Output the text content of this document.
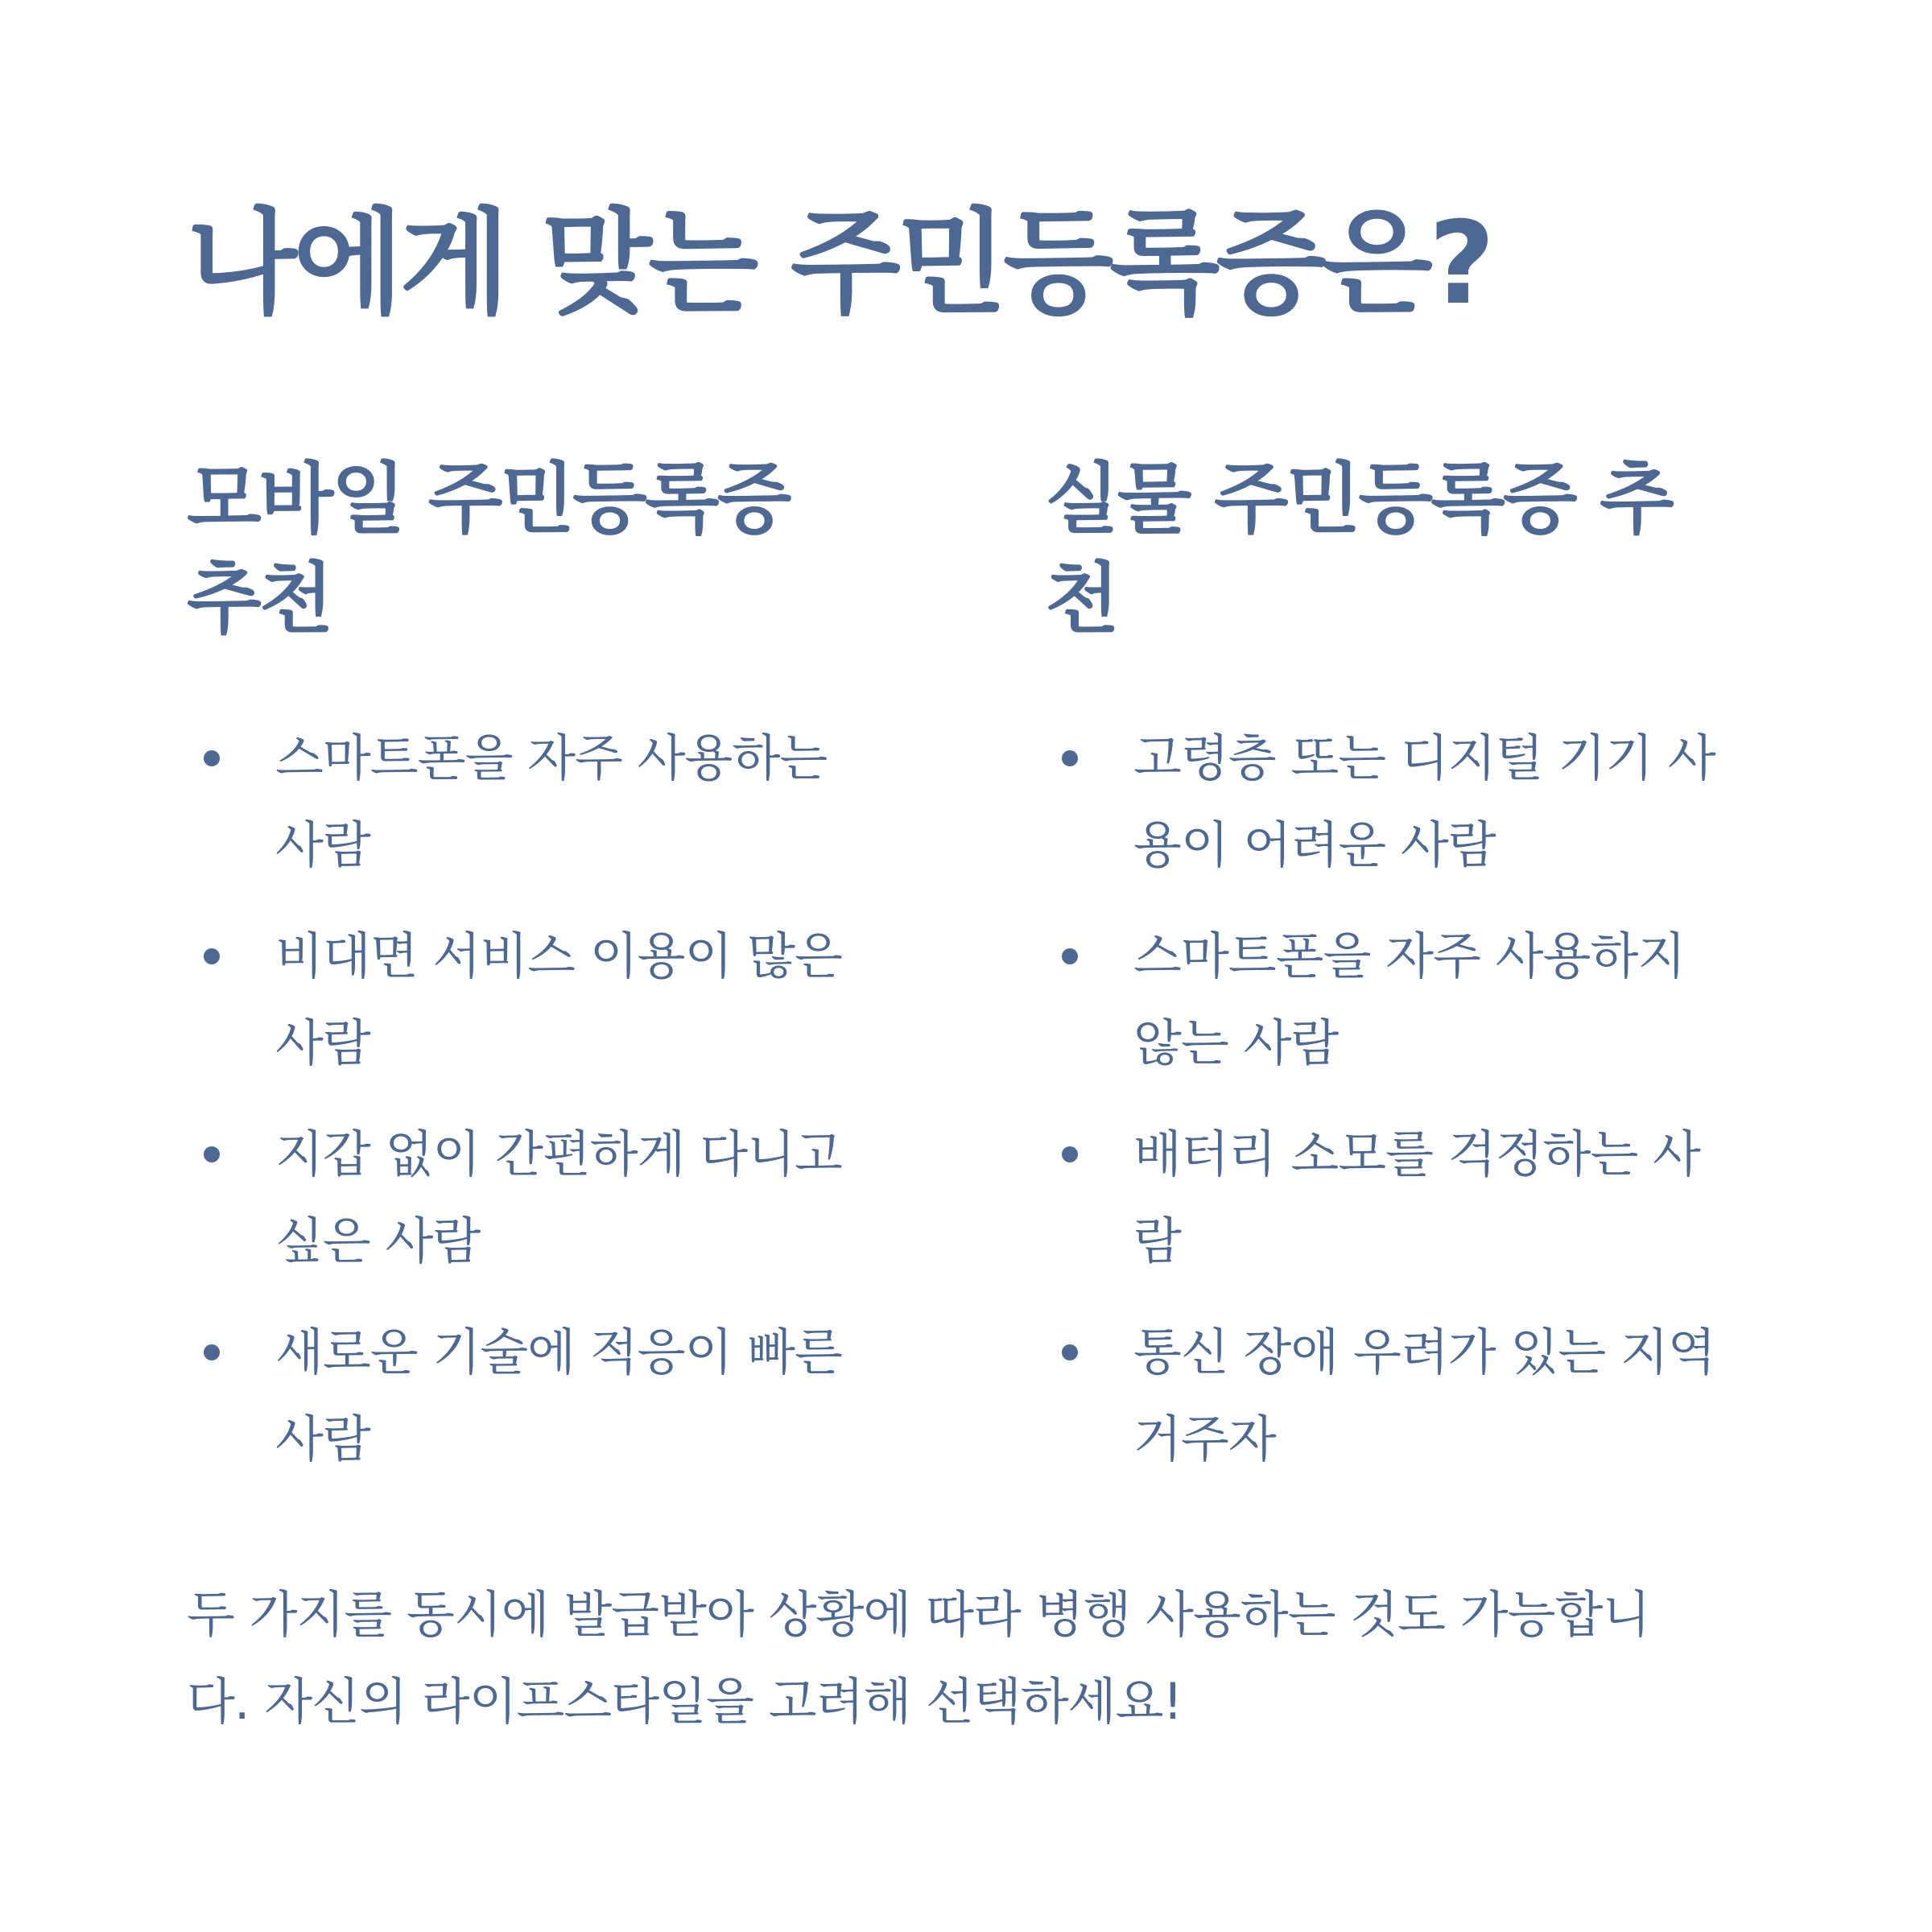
나에게 맞는 주민등록증은?
모바일 주민등록증
추천
스마트폰을 자주 사용하는
사람
비대면 서비스 이용이 많은
사람
지갑 없이 간편하게 다니고
싶은 사람
새로운 기술에 적응이 빠른
사람
실물 주민등록증 추
천
고령층 또는 디지털 기기 사
용이 어려운 사람
스마트폰을 자주 사용하지
않는 사람
배터리 소모를 걱정하는 사
람
통신 장애 우려가 있는 지역
거주자

두 가지를 동시에 발급받아 상황에 따라 병행 사용하는 것도 가능합니
다. 자신의 라이프스타일을 고려해 선택하세요!
